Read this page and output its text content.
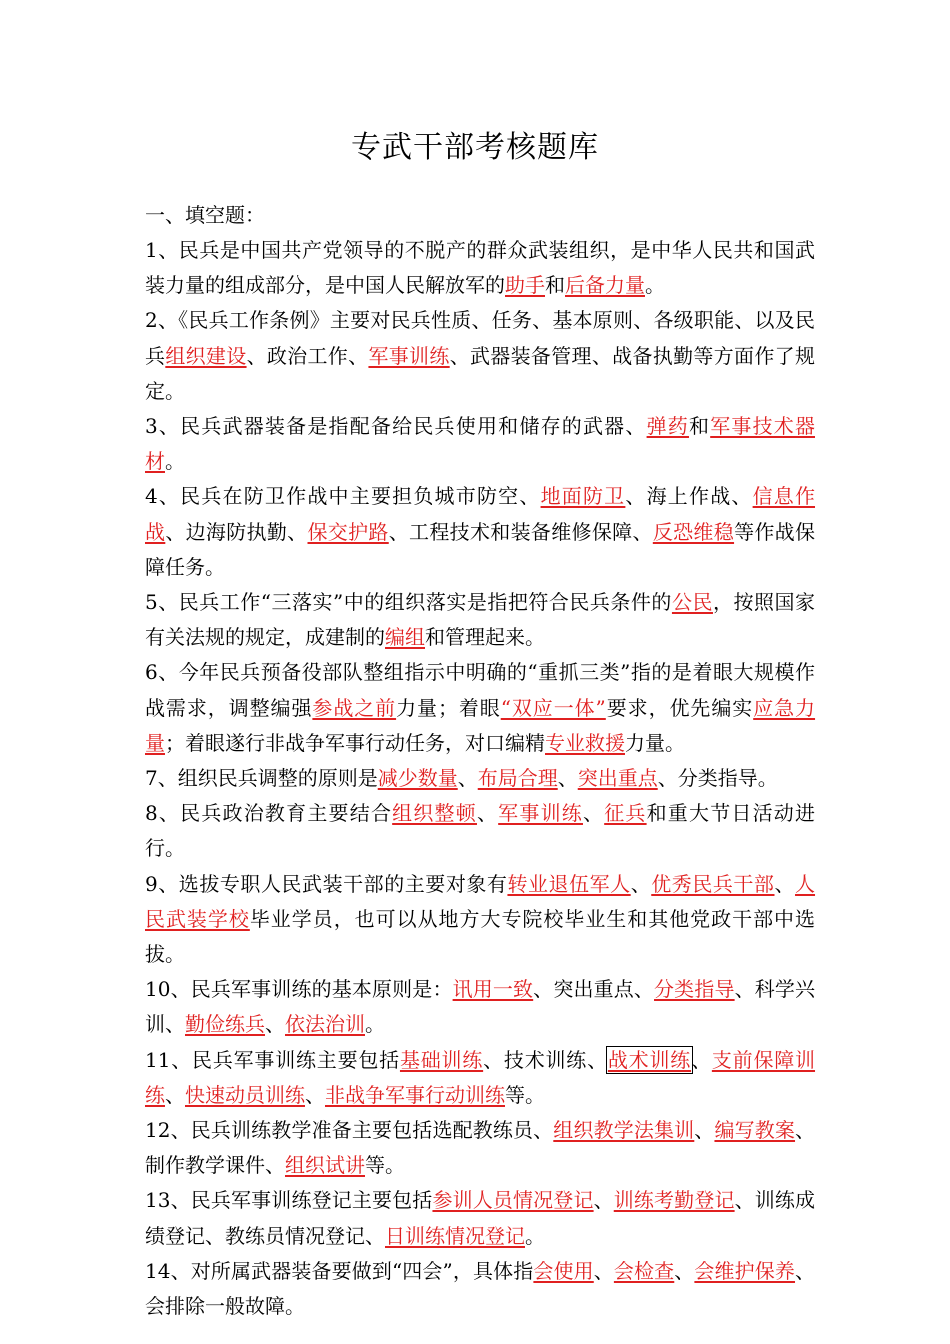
专武干部考核题库
一、填空题：

1、民兵是中国共产党领导的不脱产的群众武装组织，是中华人民共和国武装力量的组成部分，是中国人民解放军的助手和后备力量。

2、《民兵工作条例》主要对民兵性质、任务、基本原则、各级职能、以及民兵组织建设、政治工作、军事训练、武器装备管理、战备执勤等方面作了规定。

3、民兵武器装备是指配备给民兵使用和储存的武器、弹药和军事技术器材。

4、民兵在防卫作战中主要担负城市防空、地面防卫、海上作战、信息作战、边海防执勤、保交护路、工程技术和装备维修保障、反恐维稳等作战保障任务。

5、民兵工作“三落实”中的组织落实是指把符合民兵条件的公民，按照国家有关法规的规定，成建制的编组和管理起来。

6、今年民兵预备役部队整组指示中明确的“重抓三类”指的是着眼大规模作战需求，调整编强参战之前力量；着眼“双应一体”要求，优先编实应急力量；着眼遂行非战争军事行动任务，对口编精专业救援力量。

7、组织民兵调整的原则是减少数量、布局合理、突出重点、分类指导。

8、民兵政治教育主要结合组织整顿、军事训练、征兵和重大节日活动进行。

9、选拔专职人民武装干部的主要对象有转业退伍军人、优秀民兵干部、人民武装学校毕业学员，也可以从地方大专院校毕业生和其他党政干部中选拔。

10、民兵军事训练的基本原则是：讯用一致、突出重点、分类指导、科学兴训、勤俭练兵、依法治训。

11、民兵军事训练主要包括基础训练、技术训练、战术训练、支前保障训练、快速动员训练、非战争军事行动训练等。

12、民兵训练教学准备主要包括选配教练员、组织教学法集训、编写教案、制作教学课件、组织试讲等。

13、民兵军事训练登记主要包括参训人员情况登记、训练考勤登记、训练成绩登记、教练员情况登记、日训练情况登记。

14、对所属武器装备要做到“四会”，具体指会使用、会检查、会维护保养、会排除一般故障。
